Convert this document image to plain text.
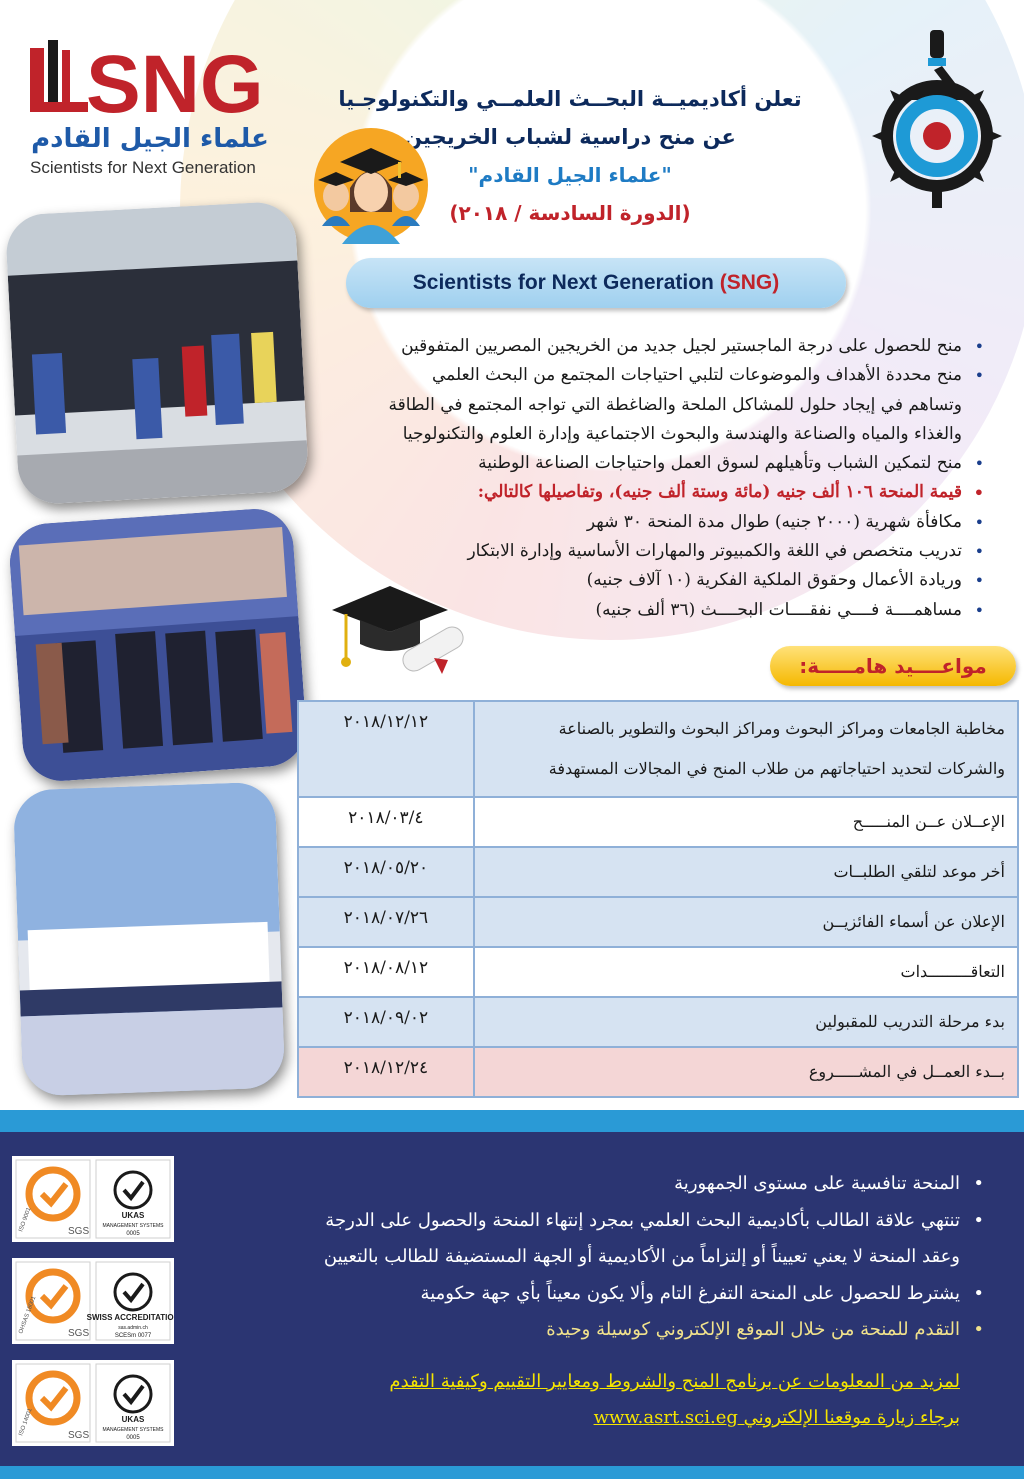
SNG
علماء الجيل القادم
Scientists for Next Generation
تعلن أكاديميــة البحــث العلمــي والتكنولوجـيا
عن منح دراسية لشباب الخريجين
"علماء الجيل القادم"
(الدورة السادسة / ٢٠١٨)
Scientists for Next Generation (SNG)
• منح للحصول على درجة الماجستير لجيل جديد من الخريجين المصريين المتفوقين
• منح محددة الأهداف والموضوعات لتلبي احتياجات المجتمع من البحث العلمي
وتساهم في إيجاد حلول للمشاكل الملحة والضاغطة التي تواجه المجتمع في الطاقة
والغذاء والمياه والصناعة والهندسة والبحوث الاجتماعية وإدارة العلوم والتكنولوجيا
• منح لتمكين الشباب وتأهيلهم لسوق العمل واحتياجات الصناعة الوطنية
• قيمة المنحة ١٠٦ ألف جنيه (مائة وستة ألف جنيه)، وتفاصيلها كالتالي:
• مكافأة شهرية (٢٠٠٠ جنيه) طوال مدة المنحة ٣٠ شهر
• تدريب متخصص في اللغة والكمبيوتر والمهارات الأساسية وإدارة الابتكار
• وريادة الأعمال وحقوق الملكية الفكرية (١٠ آلاف جنيه)
• مساهمــــة فــــي نفقــــات البحــــث (٣٦ ألف جنيه)
مواعــــيد هامـــــة:
٢٠١٨/١٢/١٢	مخاطبة الجامعات ومراكز البحوث ومراكز البحوث والتطوير بالصناعة
والشركات لتحديد احتياجاتهم من طلاب المنح في المجالات المستهدفة

٢٠١٨/٠٣/٤	الإعــلان عــن المنـــــح

٢٠١٨/٠٥/٢٠	أخر موعد لتلقي الطلبــات

٢٠١٨/٠٧/٢٦	الإعلان عن أسماء الفائزيــن

٢٠١٨/٠٨/١٢	التعاقـــــــــدات

٢٠١٨/٠٩/٠٢	بدء مرحلة التدريب للمقبولين

٢٠١٨/١٢/٢٤	بــدء العمــل في المشـــــروع
SGS
ISO 9001	UKAS
MANAGEMENT SYSTEMS
0005
SGS
OHSAS 18001	SWISS ACCREDITATION
sas.admin.ch
SCESm 0077
SGS
ISO 14001	UKAS
MANAGEMENT SYSTEMS
0005
• المنحة تنافسية على مستوى الجمهورية
• تنتهي علاقة الطالب بأكاديمية البحث العلمي بمجرد إنتهاء المنحة والحصول على الدرجة
وعقد المنحة لا يعني تعييناً أو إلتزاماً من الأكاديمية أو الجهة المستضيفة للطالب بالتعيين
• يشترط للحصول على المنحة التفرغ التام وألا يكون معيناً بأي جهة حكومية
• التقدم للمنحة من خلال الموقع الإلكتروني كوسيلة وحيدة
لمزيد من المعلومات عن برنامج المنح والشروط ومعايير التقييم وكيفية التقدم
برجاء زيارة موقعنا الإلكتروني www.asrt.sci.eg
